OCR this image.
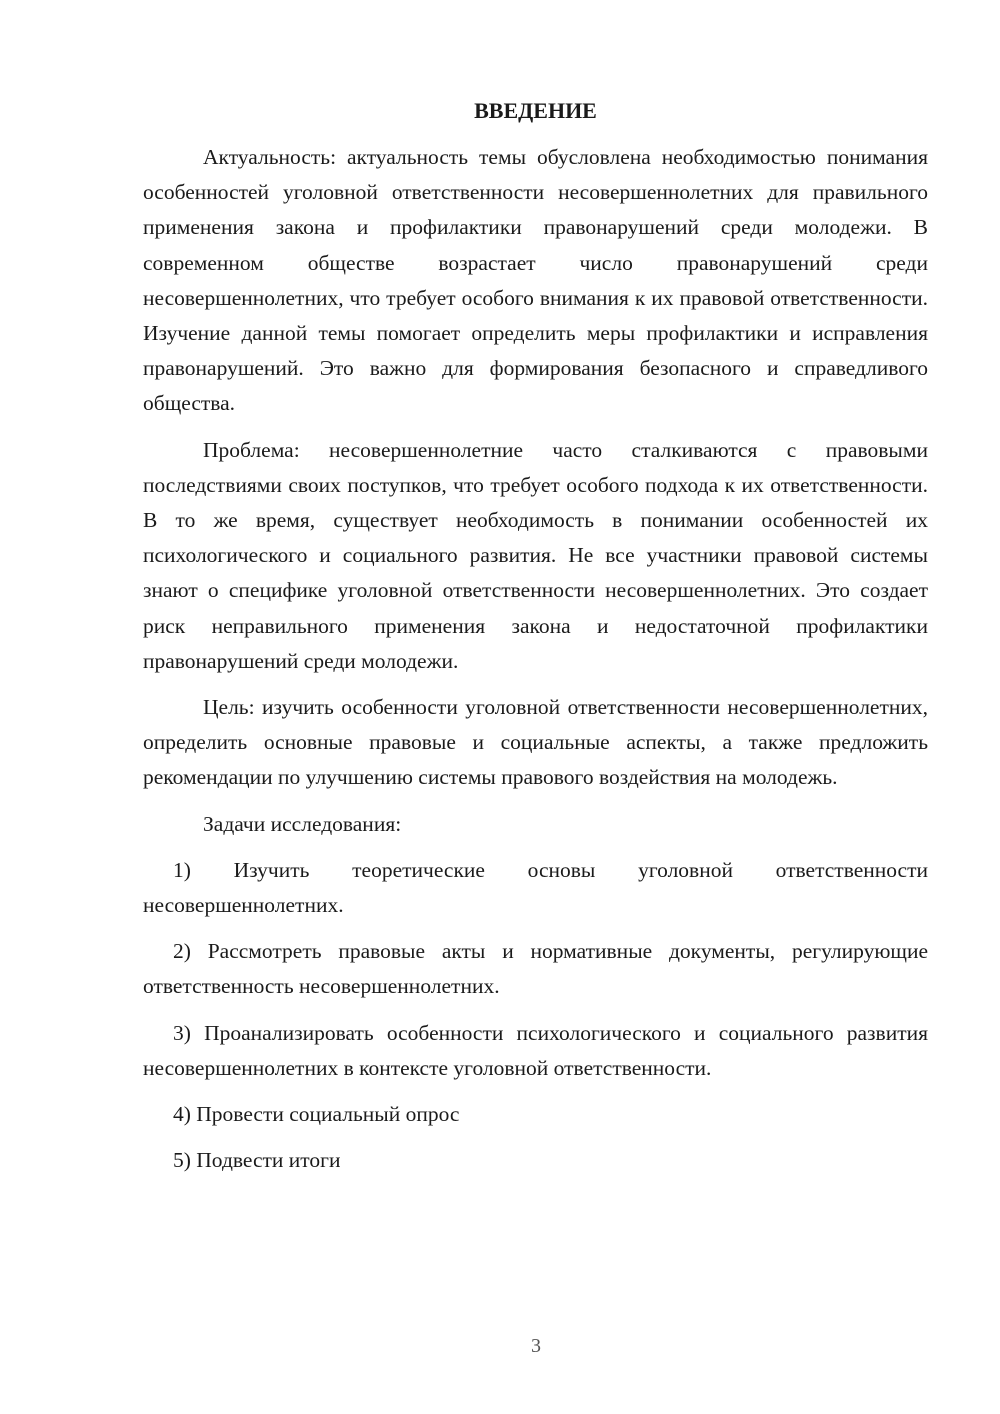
ВВЕДЕНИЕ

Актуальность: актуальность темы обусловлена необходимостью понимания особенностей уголовной ответственности несовершеннолетних для правильного применения закона и профилактики правонарушений среди молодежи. В современном обществе возрастает число правонарушений среди несовершеннолетних, что требует особого внимания к их правовой ответственности. Изучение данной темы помогает определить меры профилактики и исправления правонарушений. Это важно для формирования безопасного и справедливого общества.

Проблема: несовершеннолетние часто сталкиваются с правовыми последствиями своих поступков, что требует особого подхода к их ответственности. В то же время, существует необходимость в понимании особенностей их психологического и социального развития. Не все участники правовой системы знают о специфике уголовной ответственности несовершеннолетних. Это создает риск неправильного применения закона и недостаточной профилактики правонарушений среди молодежи.

Цель: изучить особенности уголовной ответственности несовершеннолетних, определить основные правовые и социальные аспекты, а также предложить рекомендации по улучшению системы правового воздействия на молодежь.

Задачи исследования:

1) Изучить теоретические основы уголовной ответственности несовершеннолетних.

2) Рассмотреть правовые акты и нормативные документы, регулирующие ответственность несовершеннолетних.

3) Проанализировать особенности психологического и социального развития несовершеннолетних в контексте уголовной ответственности.

4) Провести социальный опрос

5) Подвести итоги

3
